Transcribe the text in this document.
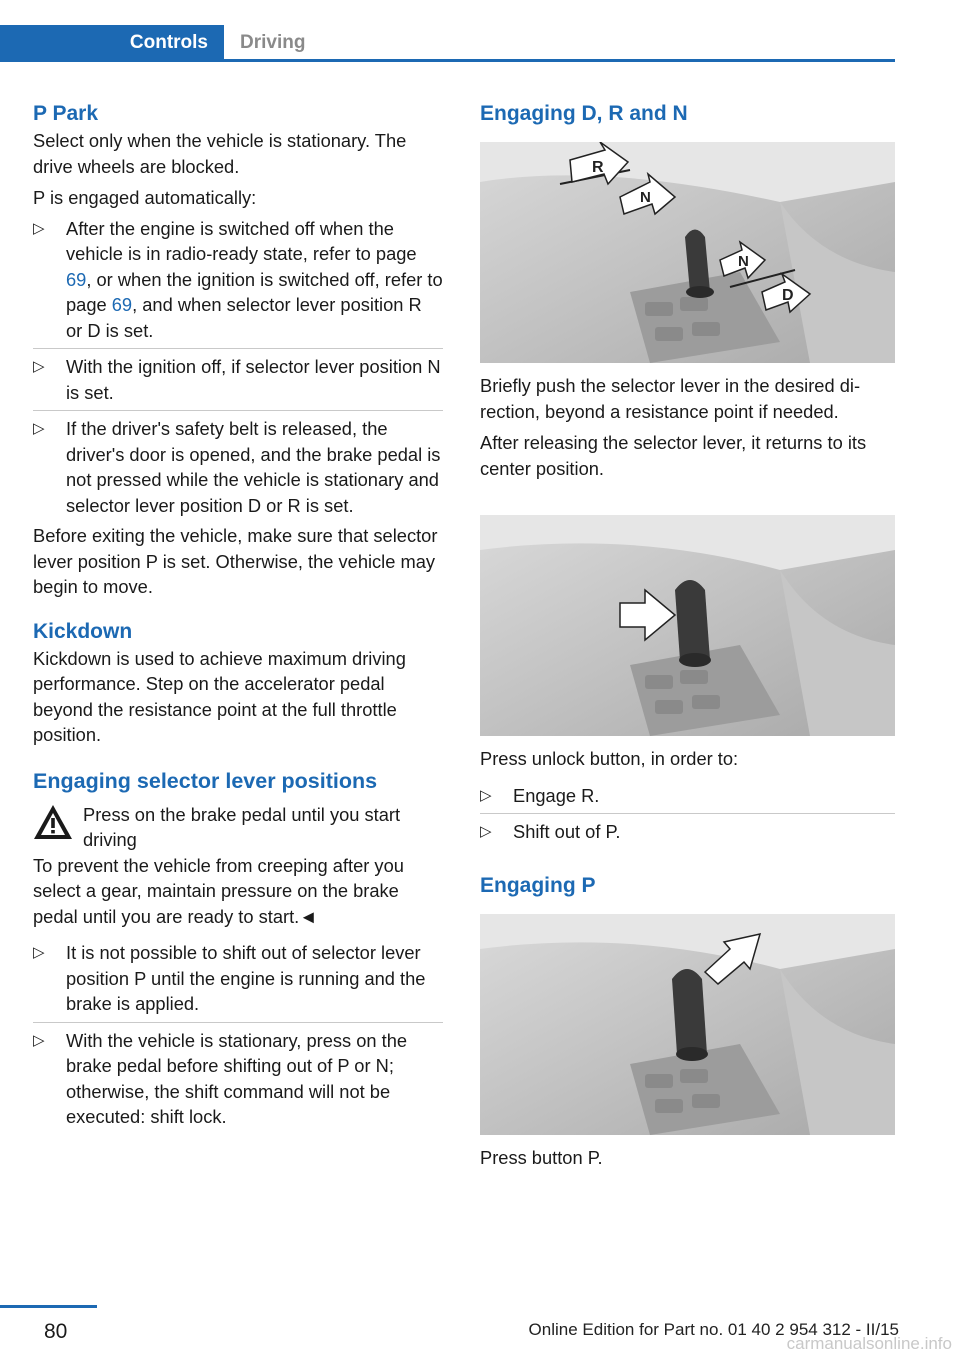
Controls	Driving
P Park

Select only when the vehicle is stationary. The drive wheels are blocked.

P is engaged automatically:

▷ After the engine is switched off when the vehicle is in radio-ready state, refer to page 69, or when the ignition is switched off, refer to page 69, and when selector lever position R or D is set.
▷ With the ignition off, if selector lever position N is set.
▷ If the driver's safety belt is released, the driver's door is opened, and the brake pedal is not pressed while the vehicle is stationary and selector lever position D or R is set.

Before exiting the vehicle, make sure that selector lever position P is set. Otherwise, the vehicle may begin to move.

Kickdown

Kickdown is used to achieve maximum driving performance. Step on the accelerator pedal beyond the resistance point at the full throttle position.

Engaging selector lever positions

Press on the brake pedal until you start driving

To prevent the vehicle from creeping after you select a gear, maintain pressure on the brake pedal until you are ready to start.◄

▷ It is not possible to shift out of selector lever position P until the engine is running and the brake is applied.
▷ With the vehicle is stationary, press on the brake pedal before shifting out of P or N; otherwise, the shift command will not be executed: shift lock.
Engaging D, R and N
R
N
N
D

Briefly push the selector lever in the desired direction, beyond a resistance point if needed.

After releasing the selector lever, it returns to its center position.

Press unlock button, in order to:

▷ Engage R.
▷ Shift out of P.
Engaging P

Press button P.

80	Online Edition for Part no. 01 40 2 954 312 - II/15
carmanualsonline.info
